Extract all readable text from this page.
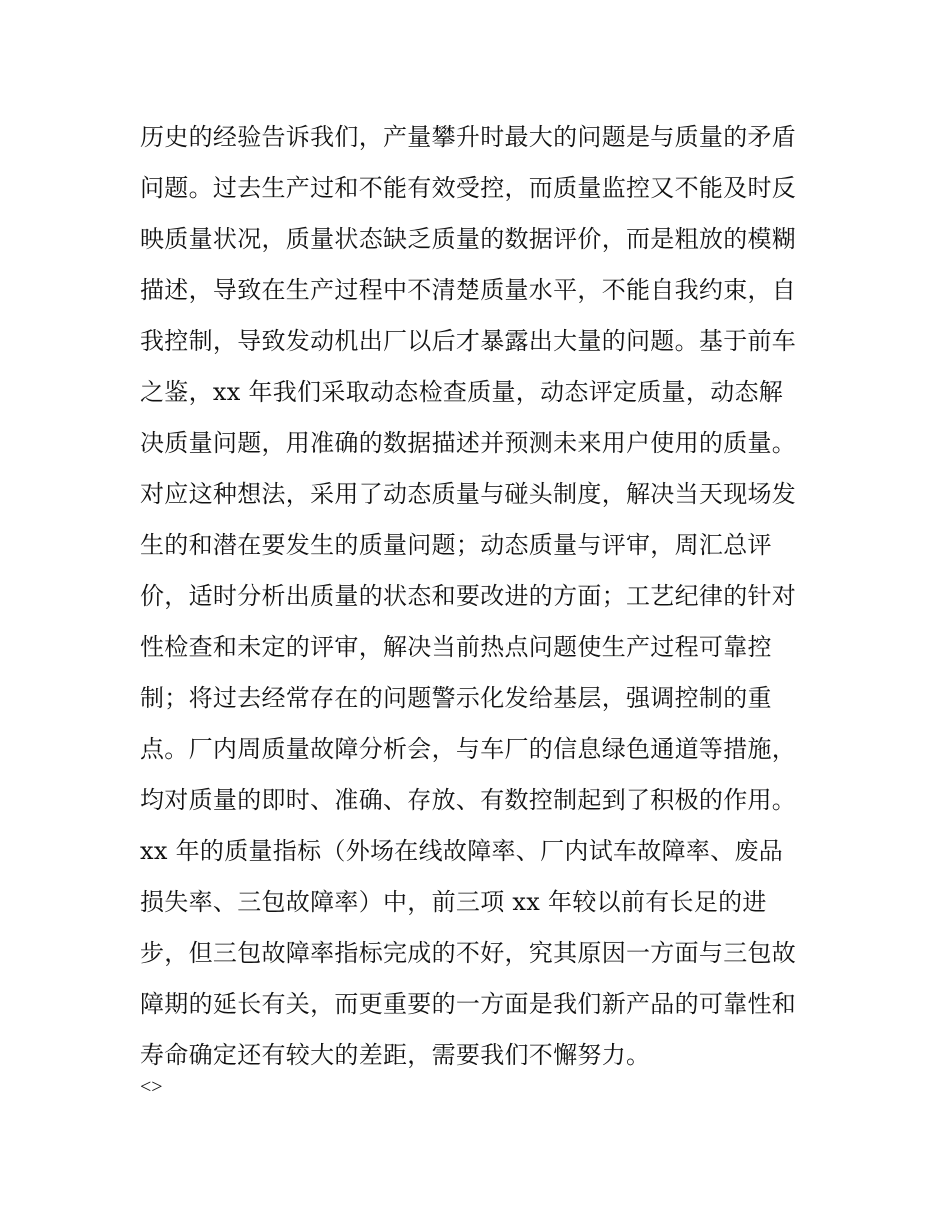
历史的经验告诉我们，产量攀升时最大的问题是与质量的矛盾
问题。过去生产过和不能有效受控，而质量监控又不能及时反
映质量状况，质量状态缺乏质量的数据评价，而是粗放的模糊
描述，导致在生产过程中不清楚质量水平，不能自我约束，自
我控制，导致发动机出厂以后才暴露出大量的问题。基于前车
之鉴，xx 年我们采取动态检查质量，动态评定质量，动态解
决质量问题，用准确的数据描述并预测未来用户使用的质量。
对应这种想法，采用了动态质量与碰头制度，解决当天现场发
生的和潜在要发生的质量问题；动态质量与评审，周汇总评
价，适时分析出质量的状态和要改进的方面；工艺纪律的针对
性检查和未定的评审，解决当前热点问题使生产过程可靠控
制；将过去经常存在的问题警示化发给基层，强调控制的重
点。厂内周质量故障分析会，与车厂的信息绿色通道等措施，
均对质量的即时、准确、存放、有数控制起到了积极的作用。
xx 年的质量指标（外场在线故障率、厂内试车故障率、废品
损失率、三包故障率）中，前三项 xx 年较以前有长足的进
步，但三包故障率指标完成的不好，究其原因一方面与三包故
障期的延长有关，而更重要的一方面是我们新产品的可靠性和
寿命确定还有较大的差距，需要我们不懈努力。
<>
